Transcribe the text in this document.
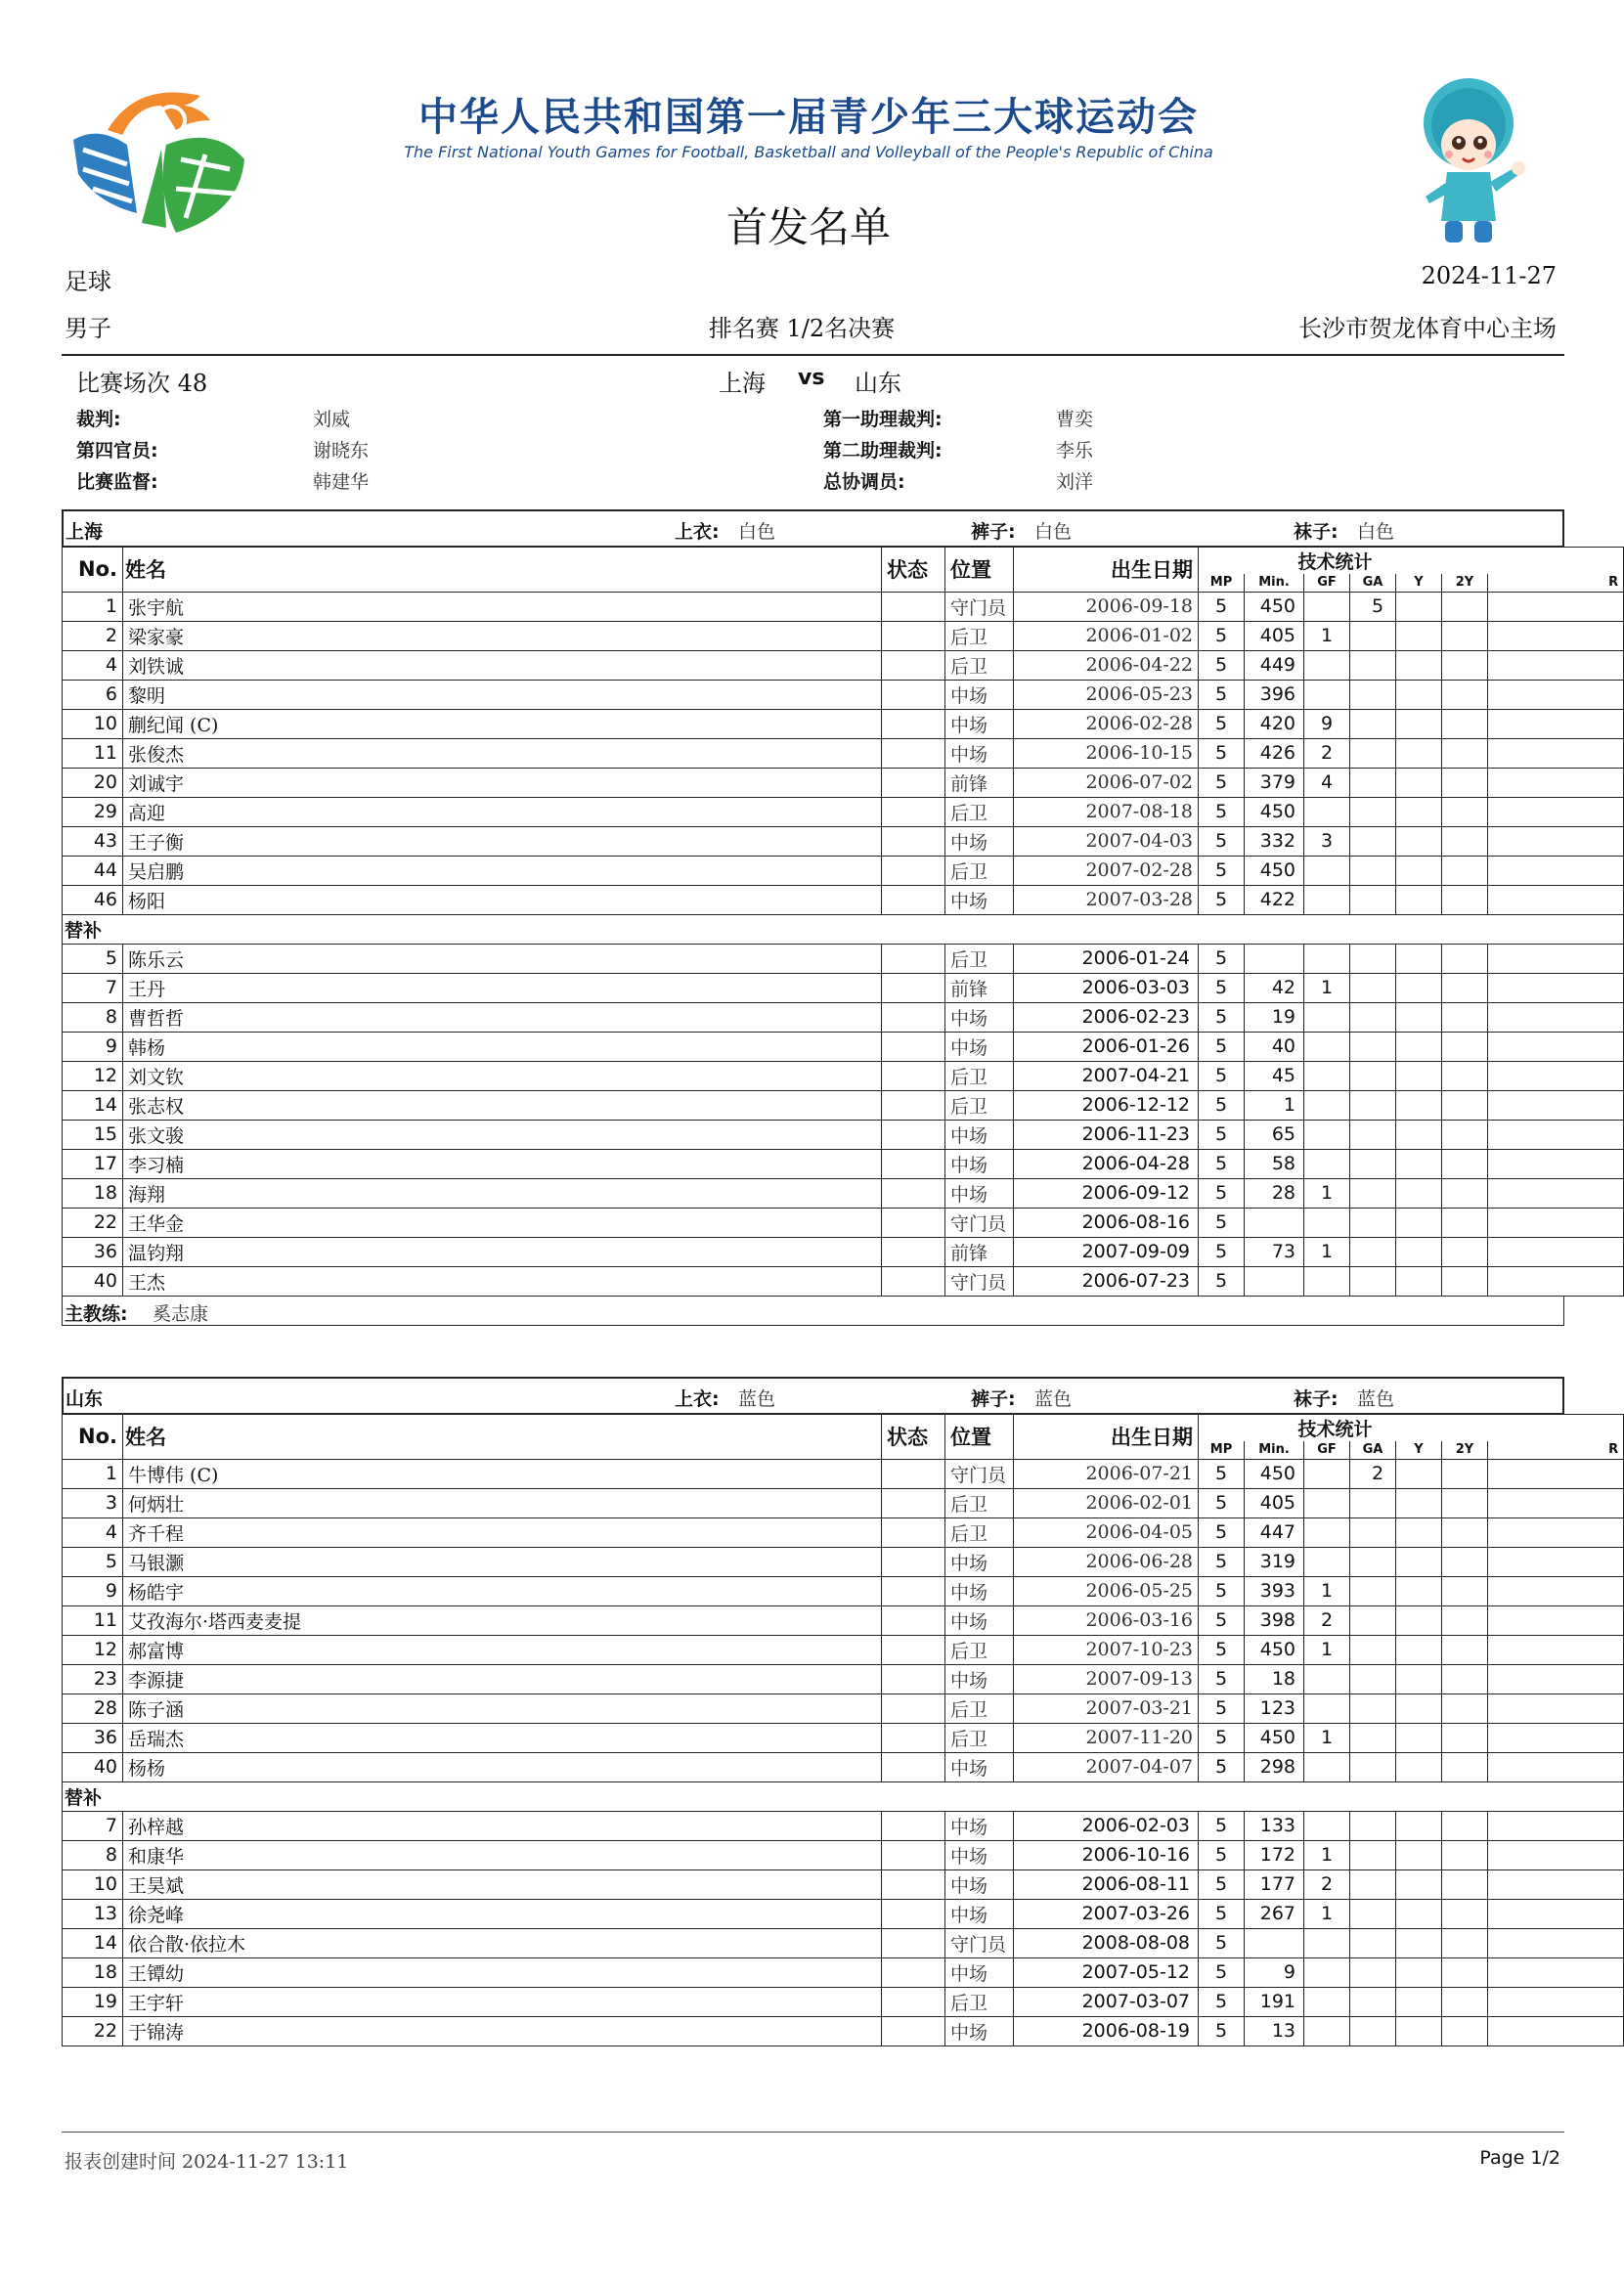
中华人民共和国第一届青少年三大球运动会
The First National Youth Games for Football, Basketball and Volleyball of the People's Republic of China
首发名单
足球	2024-11-27
男子	排名赛 1/2名决赛	长沙市贺龙体育中心主场
比赛场次 48	上海 vs 山东
裁判:	刘威	第一助理裁判:	曹奕
第四官员:	谢晓东	第二助理裁判:	李乐
比赛监督:	韩建华	总协调员:	刘洋
上海	上衣: 白色	裤子: 白色	袜子: 白色
No.	姓名	状态	位置	出生日期	技术统计						
					MP	Min.	GF	GA	Y	2Y	R
1	张宇航		守门员	2006-09-18	5	450		5			
2	梁家豪		后卫	2006-01-02	5	405	1				
4	刘铁诚		后卫	2006-04-22	5	449					
6	黎明		中场	2006-05-23	5	396					
10	蒯纪闻 (C)		中场	2006-02-28	5	420	9				
11	张俊杰		中场	2006-10-15	5	426	2				
20	刘诚宇		前锋	2006-07-02	5	379	4				
29	高迎		后卫	2007-08-18	5	450					
43	王子衡		中场	2007-04-03	5	332	3				
44	吴启鹏		后卫	2007-02-28	5	450					
46	杨阳		中场	2007-03-28	5	422					
替补											
5	陈乐云		后卫	2006-01-24	5						
7	王丹		前锋	2006-03-03	5	42	1				
8	曹哲哲		中场	2006-02-23	5	19					
9	韩杨		中场	2006-01-26	5	40					
12	刘文钦		后卫	2007-04-21	5	45					
14	张志权		后卫	2006-12-12	5	1					
15	张文骏		中场	2006-11-23	5	65					
17	李习楠		中场	2006-04-28	5	58					
18	海翔		中场	2006-09-12	5	28	1				
22	王华金		守门员	2006-08-16	5						
36	温钧翔		前锋	2007-09-09	5	73	1				
40	王杰		守门员	2006-07-23	5						
主教练: 奚志康
山东	上衣: 蓝色	裤子: 蓝色	袜子: 蓝色
No.	姓名	状态	位置	出生日期	技术统计						
					MP	Min.	GF	GA	Y	2Y	R
1	牛博伟 (C)		守门员	2006-07-21	5	450		2			
3	何炳壮		后卫	2006-02-01	5	405					
4	齐千程		后卫	2006-04-05	5	447					
5	马银灏		中场	2006-06-28	5	319					
9	杨皓宇		中场	2006-05-25	5	393	1				
11	艾孜海尔·塔西麦麦提		中场	2006-03-16	5	398	2				
12	郝富博		后卫	2007-10-23	5	450	1				
23	李源捷		中场	2007-09-13	5	18					
28	陈子涵		后卫	2007-03-21	5	123					
36	岳瑞杰		后卫	2007-11-20	5	450	1				
40	杨杨		中场	2007-04-07	5	298					
替补											
7	孙梓越		中场	2006-02-03	5	133					
8	和康华		中场	2006-10-16	5	172	1				
10	王昊斌		中场	2006-08-11	5	177	2				
13	徐尧峰		中场	2007-03-26	5	267	1				
14	依合散·依拉木		守门员	2008-08-08	5						
18	王镡幼		中场	2007-05-12	5	9					
19	王宇轩		后卫	2007-03-07	5	191					
22	于锦涛		中场	2006-08-19	5	13					
报表创建时间 2024-11-27 13:11	Page 1/2
